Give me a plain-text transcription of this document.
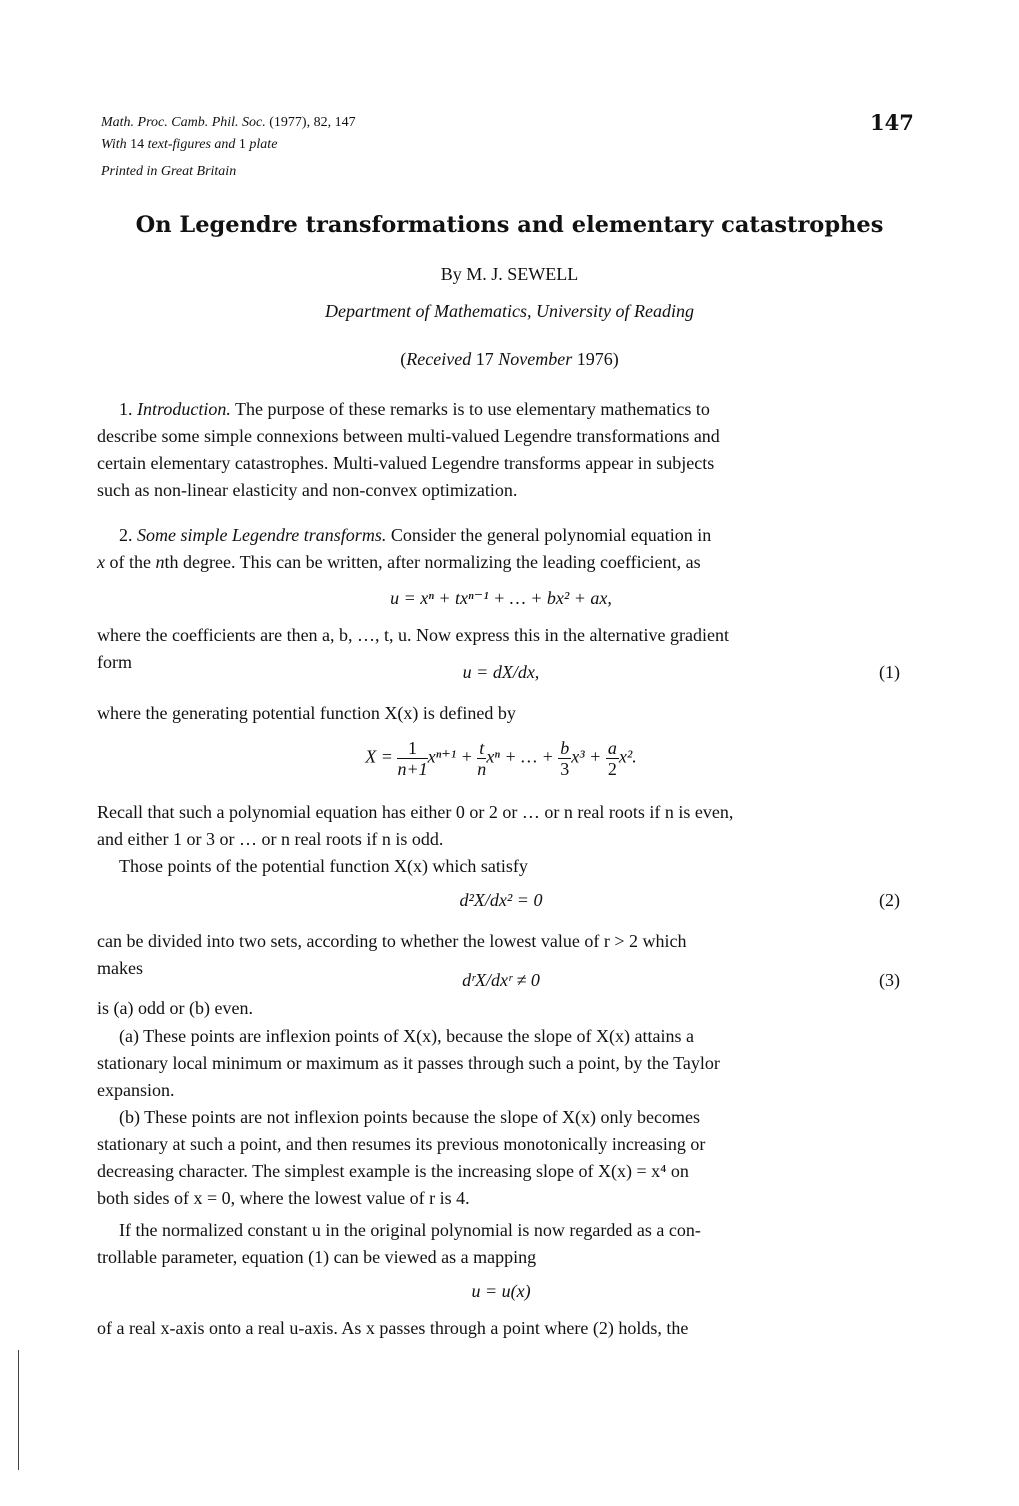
Math. Proc. Camb. Phil. Soc. (1977), 82, 147
With 14 text-figures and 1 plate
Printed in Great Britain
147
On Legendre transformations and elementary catastrophes
By M. J. SEWELL
Department of Mathematics, University of Reading
(Received 17 November 1976)
1. Introduction. The purpose of these remarks is to use elementary mathematics to
describe some simple connexions between multi-valued Legendre transformations and
certain elementary catastrophes. Multi-valued Legendre transforms appear in subjects
such as non-linear elasticity and non-convex optimization.
2. Some simple Legendre transforms. Consider the general polynomial equation in
x of the nth degree. This can be written, after normalizing the leading coefficient, as
u = xⁿ + txⁿ⁻¹ + … + bx² + ax,
where the coefficients are then a, b, …, t, u. Now express this in the alternative gradient
form	u = dX/dx,	(1)
where the generating potential function X(x) is defined by
$X = \frac{1}{n+1} x^{n+1} + \frac{t}{n}$ xⁿ + … + $\frac{b}{3} x^3 + \frac{a}{2} x^2$.
Recall that such a polynomial equation has either 0 or 2 or … or n real roots if n is even,
and either 1 or 3 or … or n real roots if n is odd.
Those points of the potential function X(x) which satisfy
d²X/dx² = 0	(2)
can be divided into two sets, according to whether the lowest value of r > 2 which
makes
dʳX/dxʳ ≠ 0	(3)
is (a) odd or (b) even.
(a) These points are inflexion points of X(x), because the slope of X(x) attains a
stationary local minimum or maximum as it passes through such a point, by the Taylor
expansion.
(b) These points are not inflexion points because the slope of X(x) only becomes
stationary at such a point, and then resumes its previous monotonically increasing or
decreasing character. The simplest example is the increasing slope of X(x) = x⁴ on
both sides of x = 0, where the lowest value of r is 4.
If the normalized constant u in the original polynomial is now regarded as a con-
trollable parameter, equation (1) can be viewed as a mapping
u = u(x)
of a real x-axis onto a real u-axis. As x passes through a point where (2) holds, the
